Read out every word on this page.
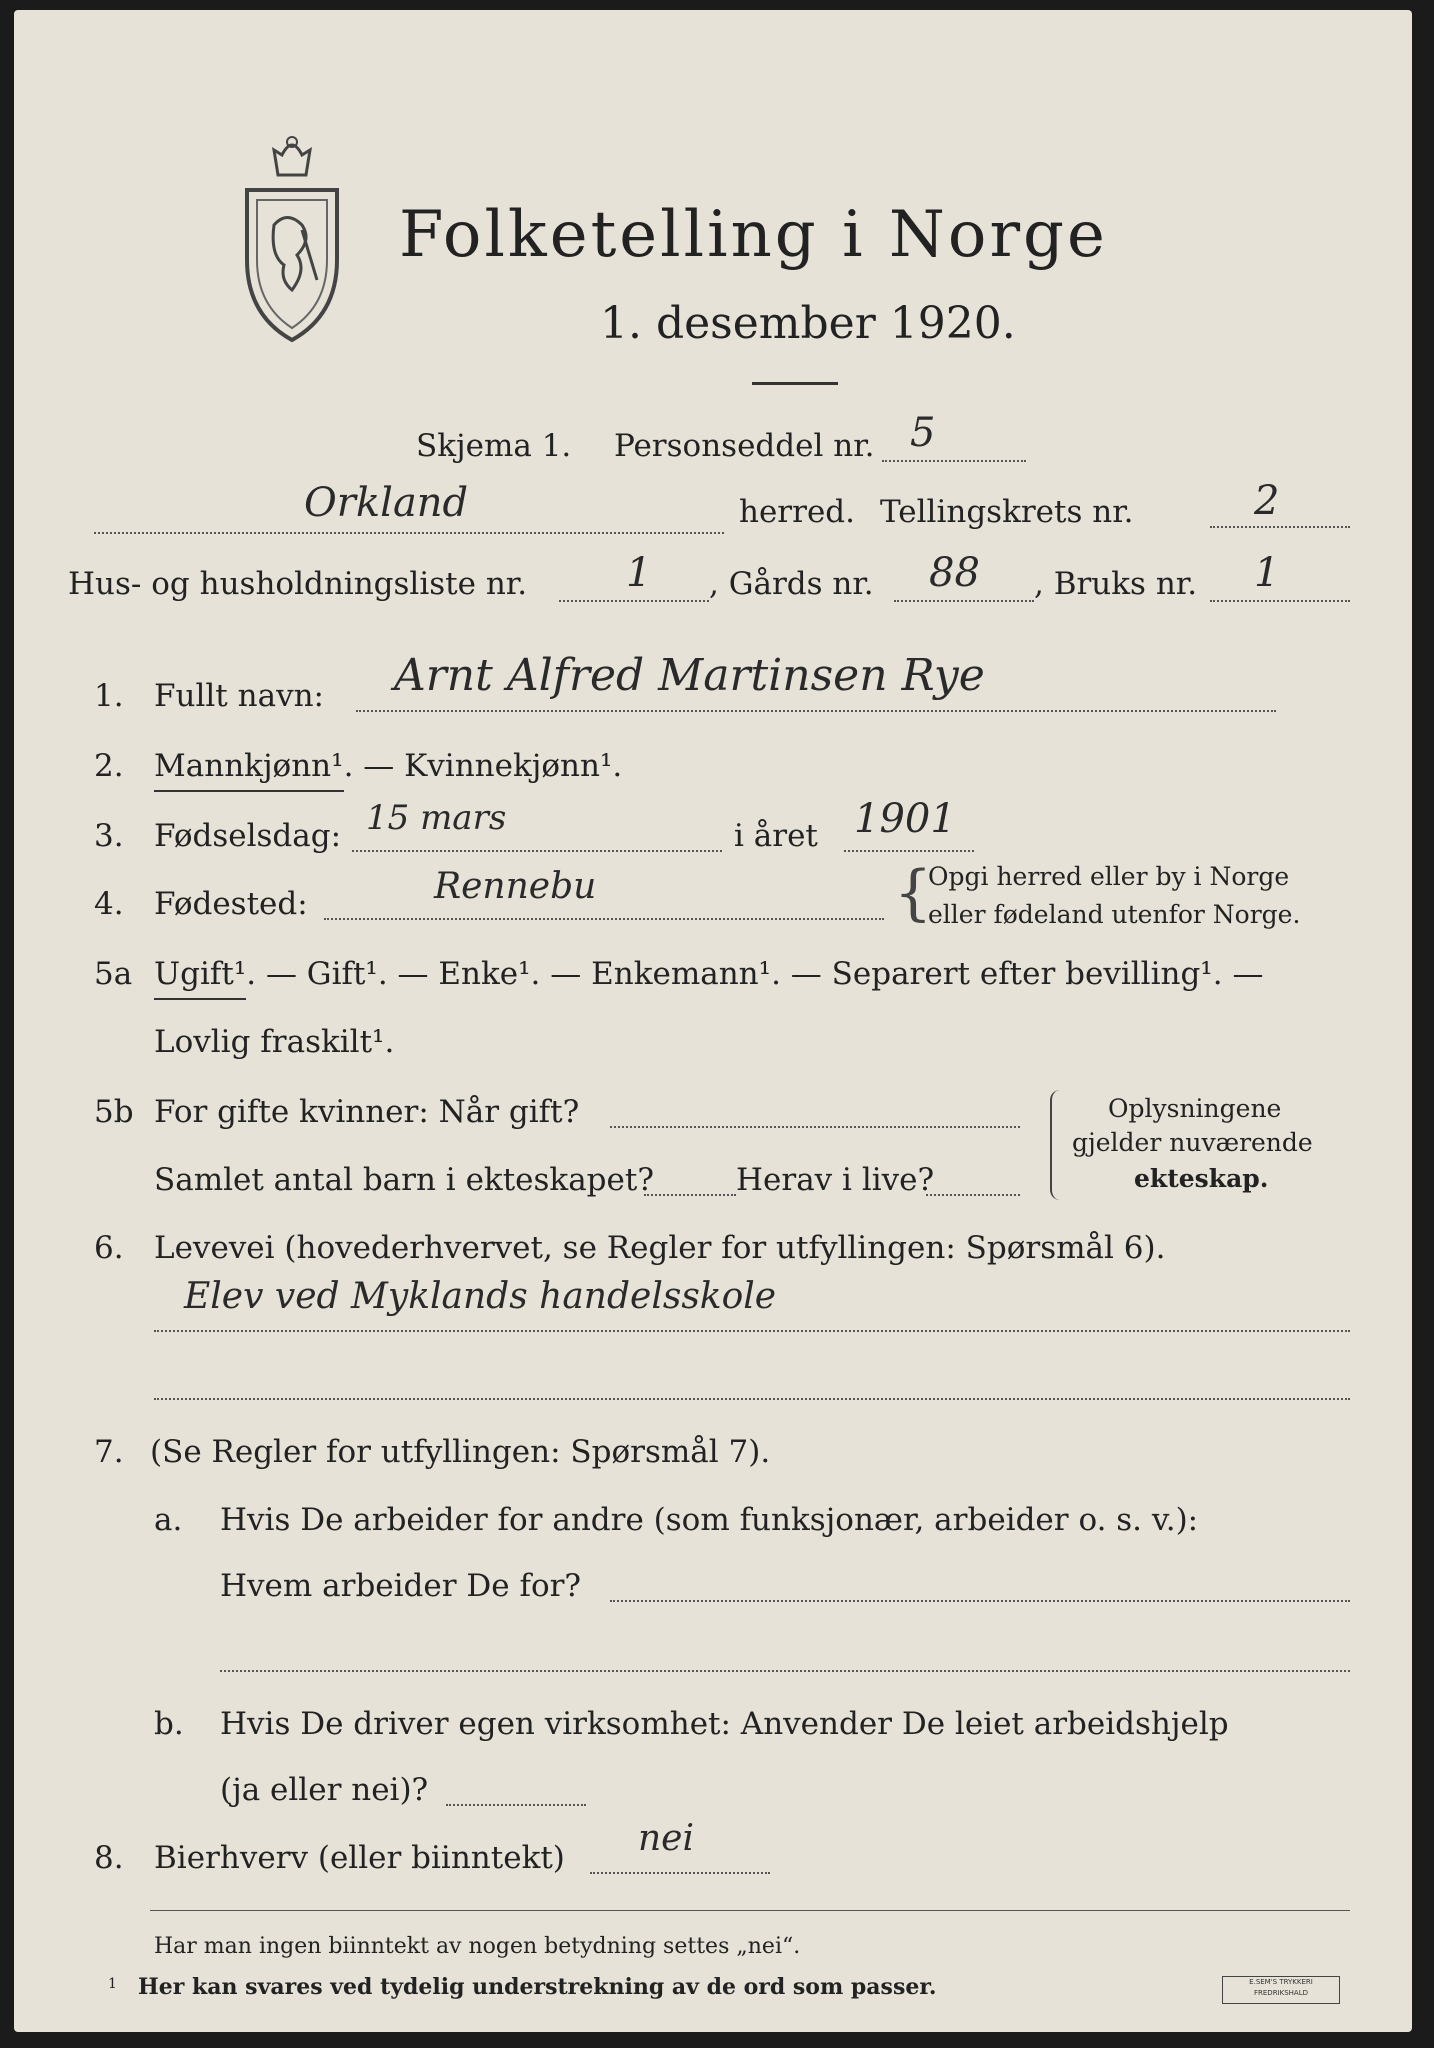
Folketelling i Norge
1. desember 1920.
Skjema 1. Personseddel nr. 5
Orkland	herred. Tellingskrets nr.	2
Hus- og husholdningsliste nr. 1 , Gårds nr. 88 , Bruks nr. 1
1. Fullt navn: Arnt Alfred Martinsen Rye
2. Mannkjønn¹. — Kvinnekjønn¹.
3. Fødselsdag: 15 mars	i året 1901
4. Fødested:	Rennebu	{
Opgi herred eller by i Norge
eller fødeland utenfor Norge.
5a Ugift¹. — Gift¹. — Enke¹. — Enkemann¹. — Separert efter bevilling¹. —
Lovlig fraskilt¹.
5b For gifte kvinner: Når gift?
Samlet antal barn i ekteskapet?	Herav i live?
Oplysningene
gjelder nuværende
ekteskap.
6. Levevei (hovederhvervet, se Regler for utfyllingen: Spørsmål 6).
Elev ved Myklands handelsskole
7. (Se Regler for utfyllingen: Spørsmål 7).
a. Hvis De arbeider for andre (som funksjonær, arbeider o. s. v.):
Hvem arbeider De for?
b. Hvis De driver egen virksomhet: Anvender De leiet arbeidshjelp
(ja eller nei)?
8. Bierhverv (eller biinntekt) nei
Har man ingen biinntekt av nogen betydning settes „nei“.
1 Her kan svares ved tydelig understrekning av de ord som passer.	E.SEM'S TRYKKERI
FREDRIKSHALD
